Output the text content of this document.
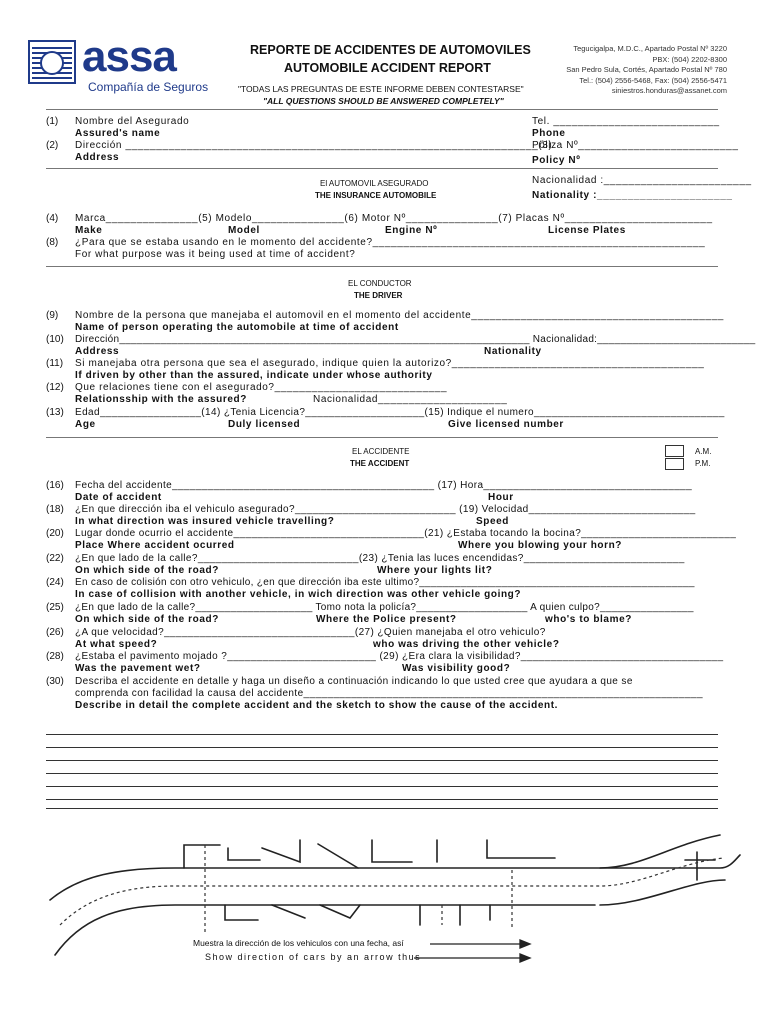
assa
Compañía de Seguros
REPORTE DE ACCIDENTES DE AUTOMOVILES
AUTOMOBILE ACCIDENT REPORT
"TODAS LAS PREGUNTAS DE ESTE INFORME DEBEN CONTESTARSE"
"ALL QUESTIONS SHOULD BE ANSWERED COMPLETELY"
Tegucigalpa, M.D.C., Apartado Postal Nº 3220
PBX: (504) 2202-8300
San Pedro Sula, Cortés, Apartado Postal Nº 780
Tel.: (504) 2556-5468, Fax: (504) 2556-5471
siniestros.honduras@assanet.com
(1) Nombre del Asegurado
Assured's name
(2) Dirección ___________________________________________________________________(3)
Address
Tel. ___________________________
Phone
Póliza Nº__________________________
Policy Nº
El AUTOMOVIL ASEGURADO
THE INSURANCE AUTOMOBILE
Nacionalidad :________________________
Nationality :______________________
(4) Marca_______________(5) Modelo_______________(6) Motor Nº_______________(7) Placas Nº________________________
Make	Model	Engine Nº	License Plates
(8) ¿Para que se estaba usando en le momento del accidente?______________________________________________________
For what purpose was it being used at time of accident?
EL CONDUCTOR
THE DRIVER
(9) Nombre de la persona que manejaba el automovil en el momento del accidente_________________________________________
Name of person operating the automobile at time of accident
(10) Dirección______________________________________________________________________ Nacionalidad:___________________________
Address	Nationality
(11) Si manejaba otra persona que sea el asegurado, indique quien la autorizo?_________________________________________
If driven by other than the assured, indicate under whose authority
(12) Que relaciones tiene con el asegurado?____________________________
Relationsship with the assured?	Nacionalidad_____________________
(13) Edad_________________(14) ¿Tenia Licencia?____________________(15) Indique el numero________________________________
Age	Duly licensed	Give licensed number
EL ACCIDENTE
THE ACCIDENT
A.M.
P.M.
(16) Fecha del accidente____________________________________________ (17) Hora___________________________________
Date of accident	Hour
(18) ¿En que dirección iba el vehiculo asegurado?___________________________ (19) Velocidad____________________________
In what direction was insured vehicle travelling?	Speed
(20) Lugar donde ocurrio el accidente________________________________(21) ¿Estaba tocando la bocina?__________________________
Place Where accident ocurred	Where you blowing your horn?
(22) ¿En que lado de la calle?___________________________(23) ¿Tenia las luces encendidas?___________________________
On which side of the road?	Where your lights lit?
(24) En caso de colisión con otro vehiculo, ¿en que dirección iba este ultimo?_______________________________________________
In case of collision with another vehicle, in wich direction was other vehicle going?
(25) ¿En que lado de la calle?____________________ Tomo nota la policía?___________________ A quien culpo?________________
On which side of the road?	Where the Police present?	who's to blame?
(26) ¿A que velocidad?________________________________(27) ¿Quien manejaba el otro vehiculo?
At what speed?	who was driving the other vehicle?
(28) ¿Estaba el pavimento mojado ?_________________________ (29) ¿Era clara la visibilidad?__________________________________
Was the pavement wet?	Was visibility good?
(30) Describa el accidente en detalle y haga un diseño a continuación indicando lo que usted cree que ayudara a que se
comprenda con facilidad la causa del accidente___________________________________________________________________
Describe in detail the complete accident and the sketch to show the cause of the accident.
Muestra la dirección de los vehiculos con una fecha, así
Show direction of cars by an arrow thus
